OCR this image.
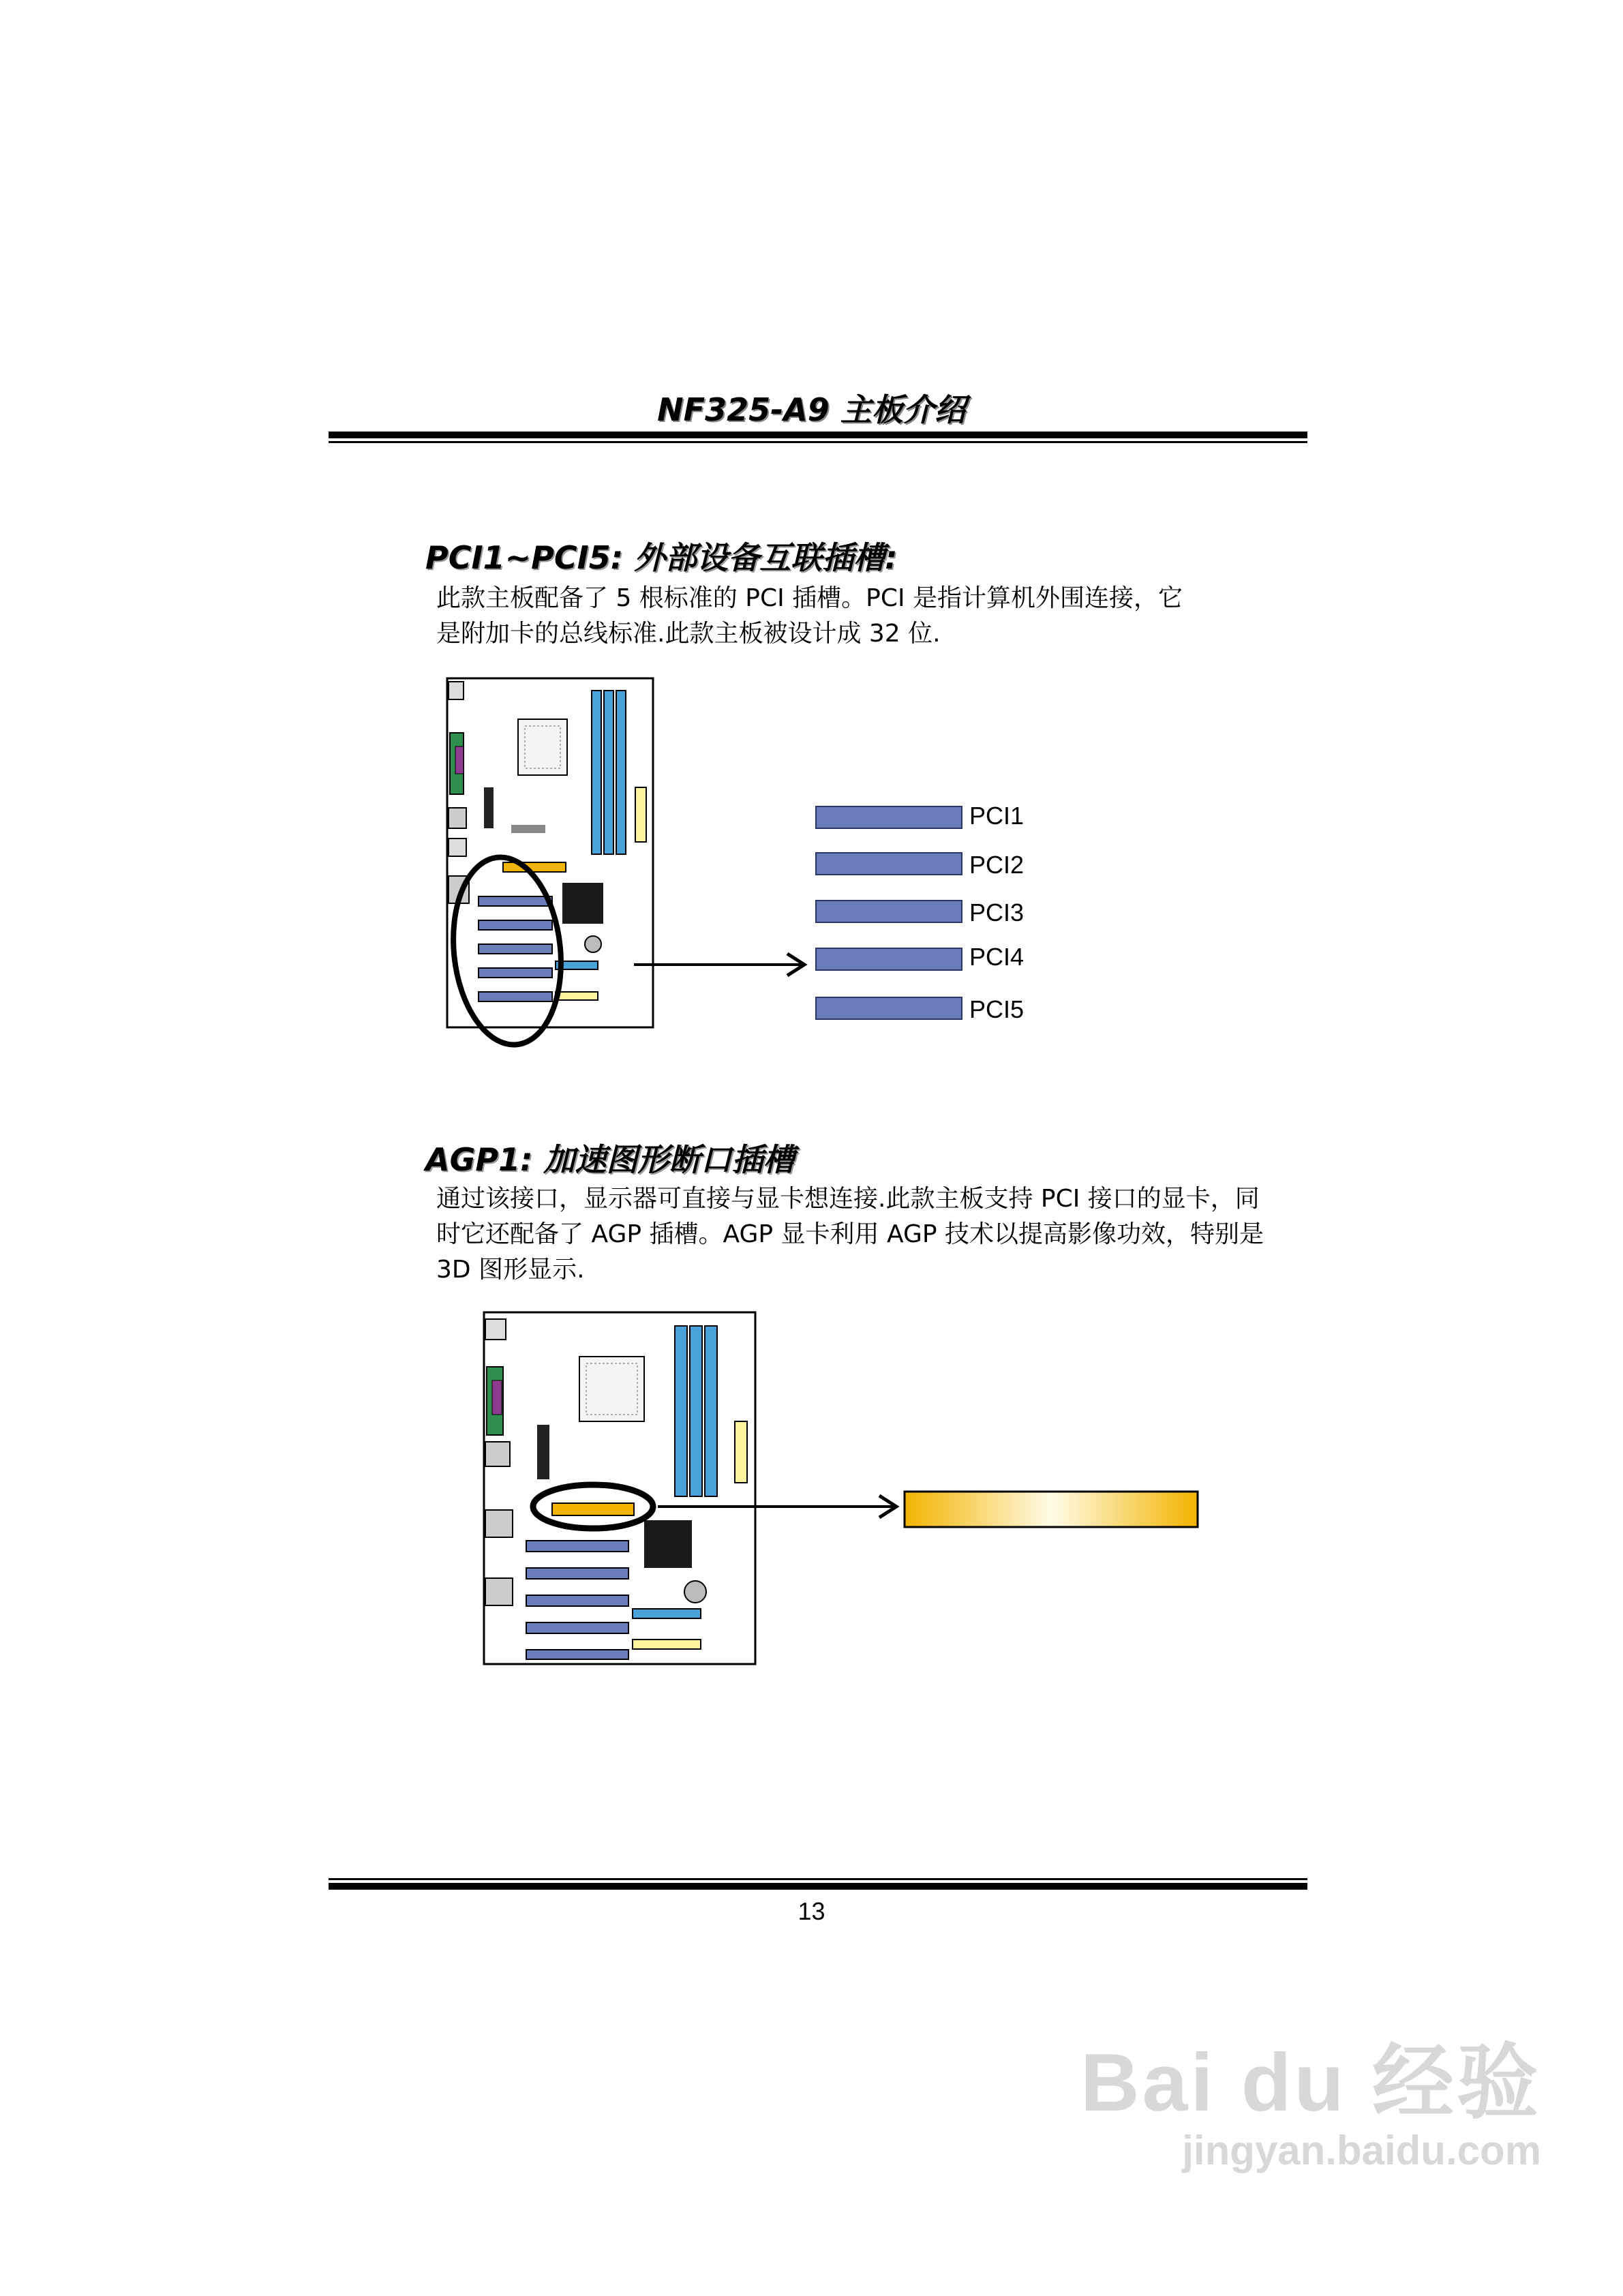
NF325-A9 主板介绍
PCI1~PCI5: 外部设备互联插槽:
此款主板配备了 5 根标准的 PCI 插槽。PCI 是指计算机外围连接，它
是附加卡的总线标准.此款主板被设计成 32 位.
PCI1
PCI2
PCI3
PCI4
PCI5
AGP1: 加速图形断口插槽
通过该接口，显示器可直接与显卡想连接.此款主板支持 PCI 接口的显卡，同
时它还配备了 AGP 插槽。AGP 显卡利用 AGP 技术以提高影像功效，特别是
3D 图形显示.
13
Bai du 经验
jingyan.baidu.com
